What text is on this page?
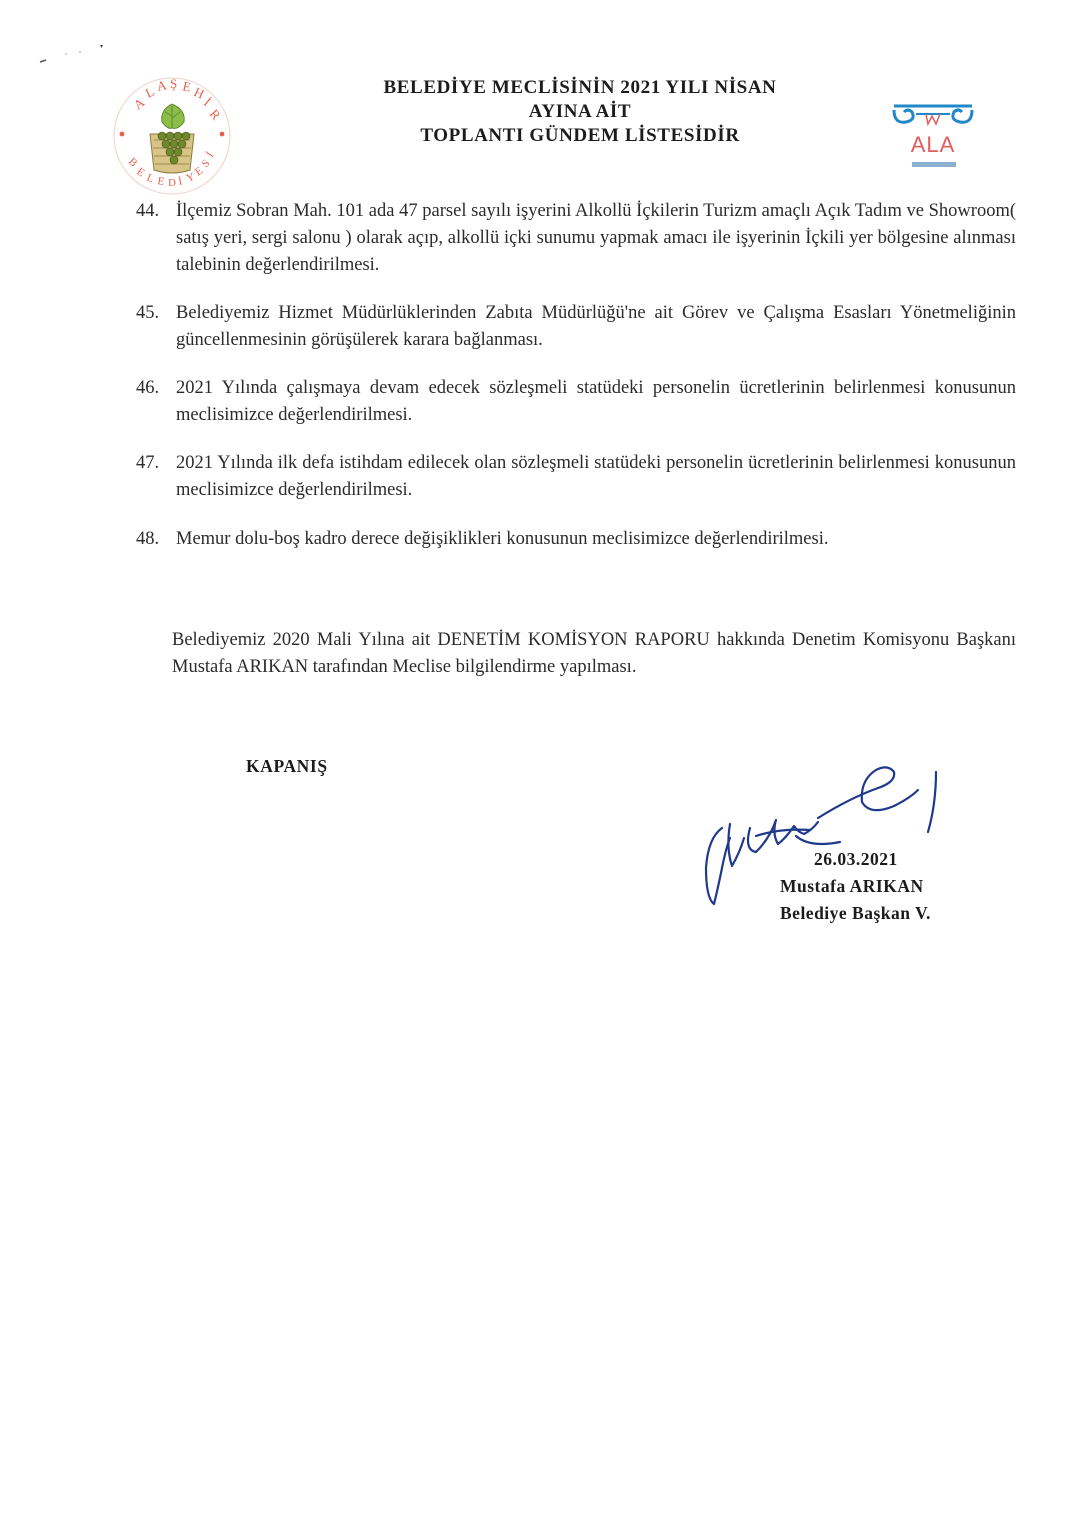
A
L A Ş E H
İ
R
B
E
L E D İ Y
E
S
İ
BELEDİYE MECLİSİNİN 2021 YILI NİSAN
AYINA AİT
TOPLANTI GÜNDEM LİSTESİDİR	ALA
44. İlçemiz Sobran Mah. 101 ada 47 parsel sayılı işyerini Alkollü İçkilerin Turizm amaçlı Açık Tadım ve Showroom( satış yeri, sergi salonu ) olarak açıp, alkollü içki sunumu yapmak amacı ile işyerinin İçkili yer bölgesine alınması talebinin değerlendirilmesi.
45. Belediyemiz Hizmet Müdürlüklerinden Zabıta Müdürlüğü'ne ait Görev ve Çalışma Esasları Yönetmeliğinin güncellenmesinin görüşülerek karara bağlanması.
46. 2021 Yılında çalışmaya devam edecek sözleşmeli statüdeki personelin ücretlerinin belirlenmesi konusunun meclisimizce değerlendirilmesi.
47. 2021 Yılında ilk defa istihdam edilecek olan sözleşmeli statüdeki personelin ücretlerinin belirlenmesi konusunun meclisimizce değerlendirilmesi.
48. Memur dolu-boş kadro derece değişiklikleri konusunun meclisimizce değerlendirilmesi.
Belediyemiz 2020 Mali Yılına ait DENETİM KOMİSYON RAPORU hakkında Denetim Komisyonu Başkanı Mustafa ARIKAN tarafından Meclise bilgilendirme yapılması.
KAPANIŞ
26.03.2021
Mustafa ARIKAN
Belediye Başkan V.
